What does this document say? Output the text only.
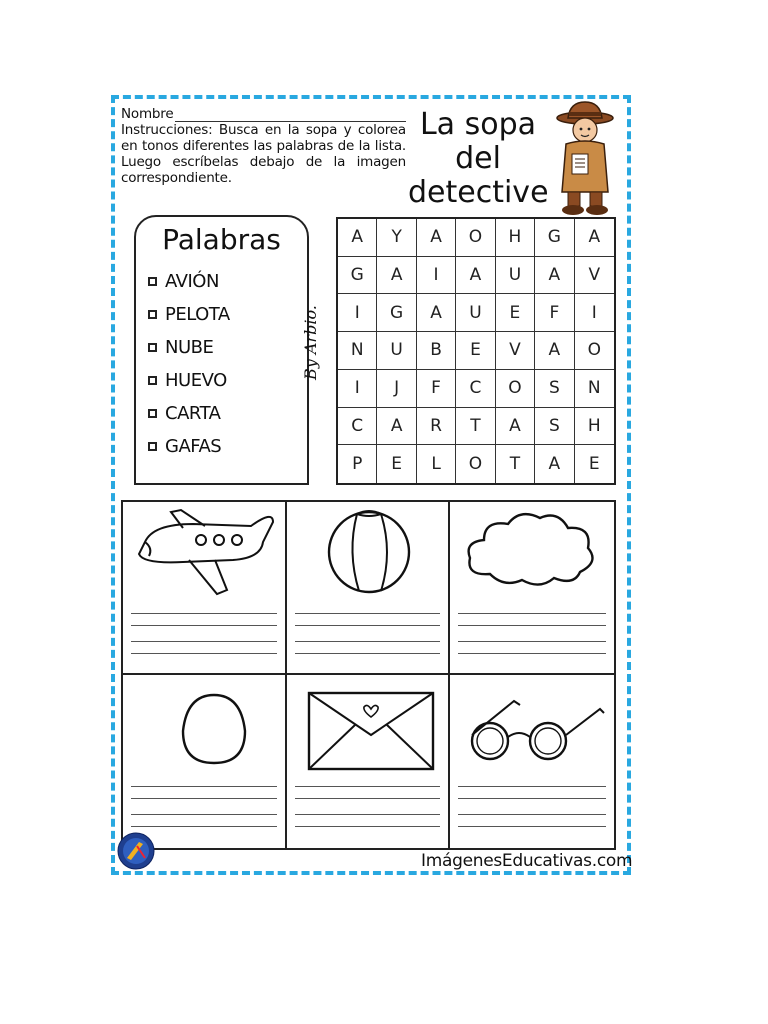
Nombre
Instrucciones: Busca en la sopa y colorea en tonos diferentes las palabras de la lista. Luego escríbelas debajo de la imagen correspondiente.
La sopa
del
detective
Palabras
AVIÓN
PELOTA
NUBE
HUEVO
CARTA
GAFAS
By Arbio.
A	Y	A	O	H	G	A
G	A	I	A	U	A	V
I	G	A	U	E	F	I
N	U	B	E	V	A	O
I	J	F	C	O	S	N
C	A	R	T	A	S	H
P	E	L	O	T	A	E
ImágenesEducativas.com
